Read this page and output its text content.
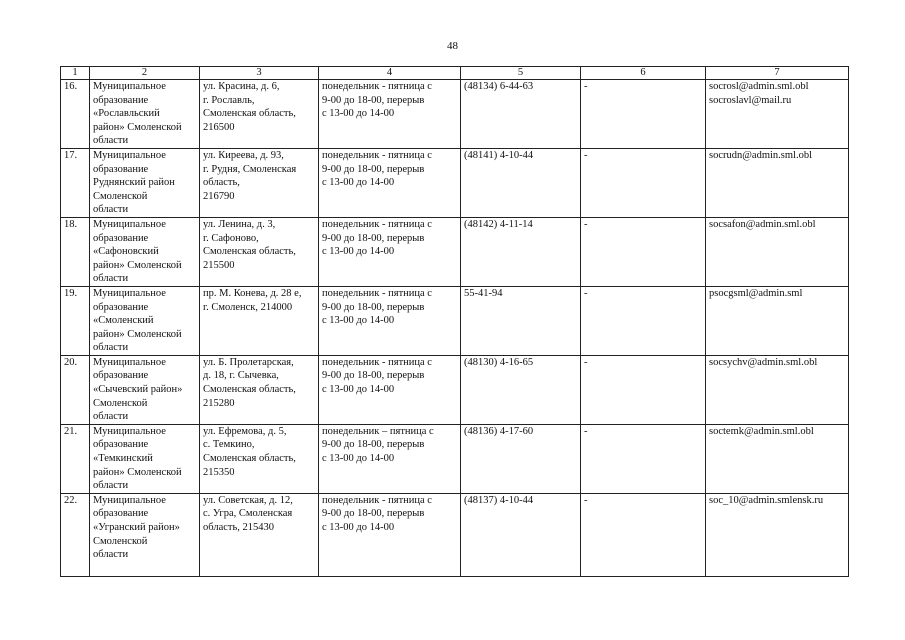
48
1	2	3	4	5	6	7
16.	Муниципальное
образование
«Рославльский
район» Смоленской
области	ул. Красина, д. 6,
г. Рославль,
Смоленская область,
216500	понедельник - пятница с
9-00 до 18-00, перерыв
с 13-00 до 14-00	(48134) 6-44-63	-	socrosl@admin.sml.obl
socroslavl@mail.ru

17.	Муниципальное
образование
Руднянский район
Смоленской
области	ул. Киреева, д. 93,
г. Рудня, Смоленская
область,
216790	понедельник - пятница с
9-00 до 18-00, перерыв
с 13-00 до 14-00	(48141) 4-10-44	-	socrudn@admin.sml.obl

18.	Муниципальное
образование
«Сафоновский
район» Смоленской
области	ул. Ленина, д. 3,
г. Сафоново,
Смоленская область,
215500	понедельник - пятница с
9-00 до 18-00, перерыв
с 13-00 до 14-00	(48142) 4-11-14	-	socsafon@admin.sml.obl

19.	Муниципальное
образование
«Смоленский
район» Смоленской
области	пр. М. Конева, д. 28 е,
г. Смоленск, 214000	понедельник - пятница с
9-00 до 18-00, перерыв
с 13-00 до 14-00	55-41-94	-	psocgsml@admin.sml

20.	Муниципальное
образование
«Сычевский район»
Смоленской
области	ул. Б. Пролетарская,
д. 18, г. Сычевка,
Смоленская область,
215280	понедельник - пятница с
9-00 до 18-00, перерыв
с 13-00 до 14-00	(48130) 4-16-65	-	socsychv@admin.sml.obl

21.	Муниципальное
образование
«Темкинский
район» Смоленской
области	ул. Ефремова, д. 5,
с. Темкино,
Смоленская область,
215350	понедельник – пятница с
9-00 до 18-00, перерыв
с 13-00 до 14-00	(48136) 4-17-60	-	soctemk@admin.sml.obl

22.	Муниципальное
образование
«Угранский район»
Смоленской
области	ул. Советская, д. 12,
с. Угра, Смоленская
область, 215430	понедельник - пятница с
9-00 до 18-00, перерыв
с 13-00 до 14-00	(48137) 4-10-44	-	soc_10@admin.smlensk.ru
